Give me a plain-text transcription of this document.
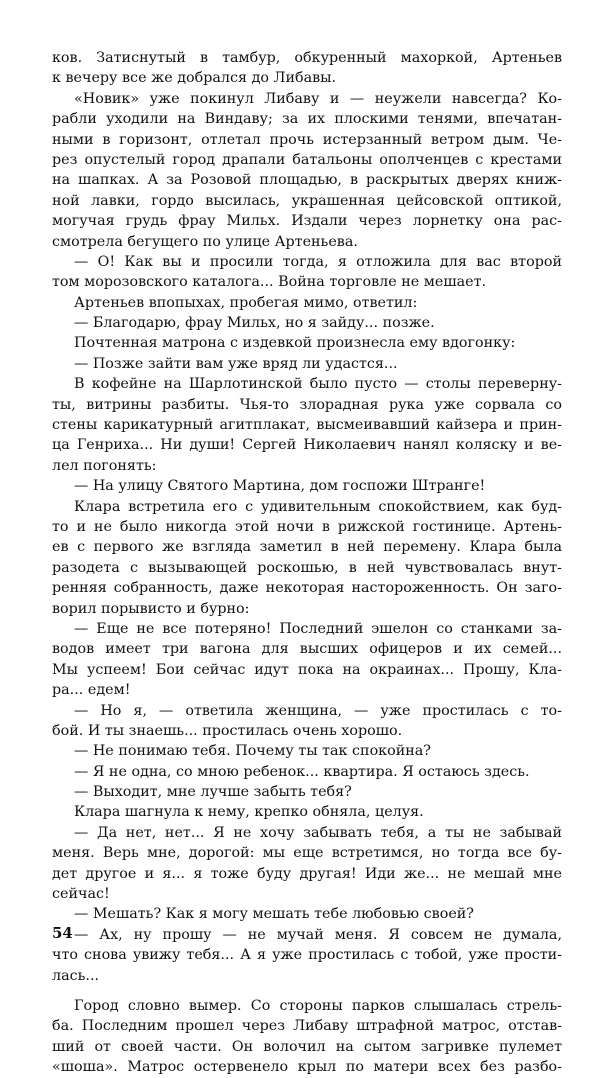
ков. Затиснутый в тамбур, обкуренный махоркой, Артеньев
к вечеру все же добрался до Либавы.
«Новик» уже покинул Либаву и — неужели навсегда? Ко-
рабли уходили на Виндаву; за их плоскими тенями, впечатан-
ными в горизонт, отлетал прочь истерзанный ветром дым. Че-
рез опустелый город драпали батальоны ополченцев с крестами
на шапках. А за Розовой площадью, в раскрытых дверях книж-
ной лавки, гордо высилась, украшенная цейсовской оптикой,
могучая грудь фрау Мильх. Издали через лорнетку она рас-
смотрела бегущего по улице Артеньева.
— О! Как вы и просили тогда, я отложила для вас второй
том морозовского каталога... Война торговле не мешает.
Артеньев впопыхах, пробегая мимо, ответил:
— Благодарю, фрау Мильх, но я зайду... позже.
Почтенная матрона с издевкой произнесла ему вдогонку:
— Позже зайти вам уже вряд ли удастся...
В кофейне на Шарлотинской было пусто — столы переверну-
ты, витрины разбиты. Чья-то злорадная рука уже сорвала со
стены карикатурный агитплакат, высмеивавший кайзера и прин-
ца Генриха... Ни души! Сергей Николаевич нанял коляску и ве-
лел погонять:
— На улицу Святого Мартина, дом госпожи Штранге!
Клара встретила его с удивительным спокойствием, как буд-
то и не было никогда этой ночи в рижской гостинице. Артень-
ев с первого же взгляда заметил в ней перемену. Клара была
разодета с вызывающей роскошью, в ней чувствовалась внут-
ренняя собранность, даже некоторая настороженность. Он заго-
ворил порывисто и бурно:
— Еще не все потеряно! Последний эшелон со станками за-
водов имеет три вагона для высших офицеров и их семей...
Мы успеем! Бои сейчас идут пока на окраинах... Прошу, Кла-
ра... едем!
— Но я, — ответила женщина, — уже простилась с то-
бой. И ты знаешь... простилась очень хорошо.
— Не понимаю тебя. Почему ты так спокойна?
— Я не одна, со мною ребенок... квартира. Я остаюсь здесь.
— Выходит, мне лучше забыть тебя?
Клара шагнула к нему, крепко обняла, целуя.
— Да нет, нет... Я не хочу забывать тебя, а ты не забывай
меня. Верь мне, дорогой: мы еще встретимся, но тогда все бу-
дет другое и я... я тоже буду другая! Иди же... не мешай мне
сейчас!
— Мешать? Как я могу мешать тебе любовью своей?
— Ах, ну прошу — не мучай меня. Я совсем не думала,
что снова увижу тебя... А я уже простилась с тобой, уже прости-
лась...
Город словно вымер. Со стороны парков слышалась стрель-
ба. Последним прошел через Либаву штрафной матрос, отстав-
ший от своей части. Он волочил на сытом загривке пулемет
«шоша». Матрос остервенело крыл по матери всех без разбо-
54
